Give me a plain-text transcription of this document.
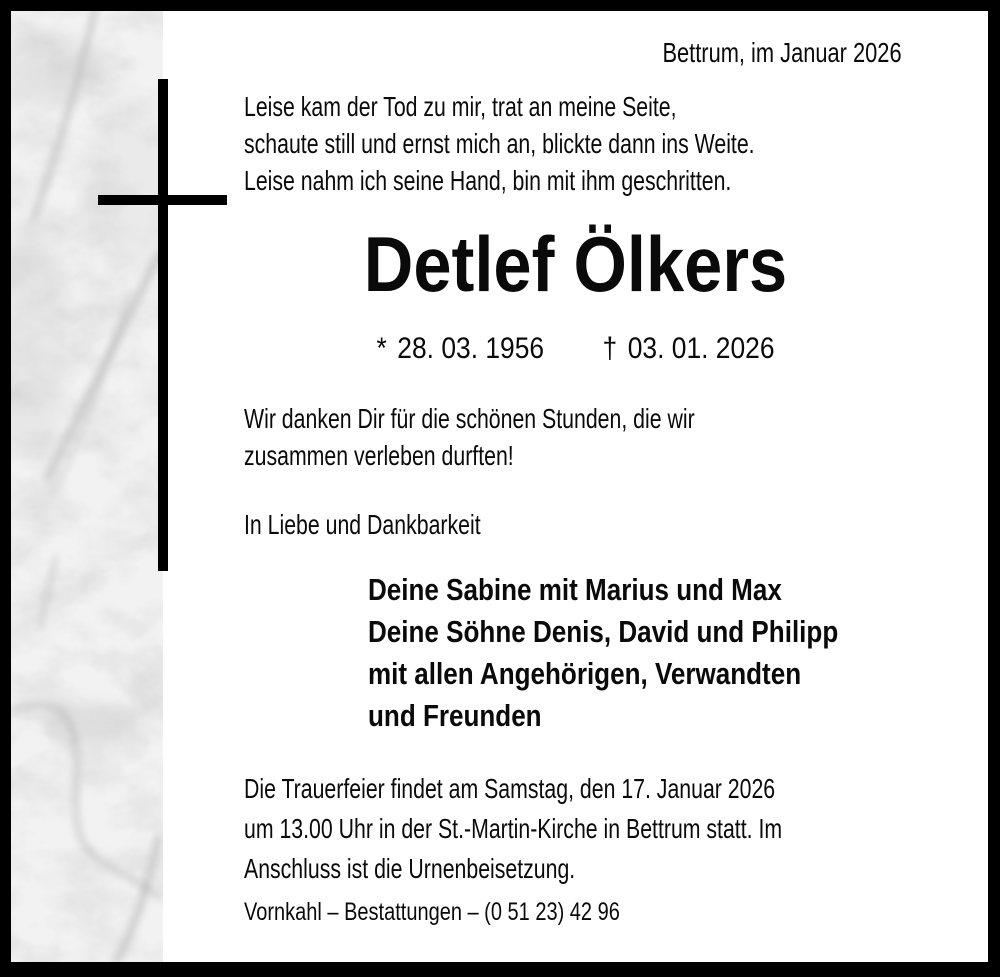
Bettrum, im Januar 2026
Leise kam der Tod zu mir, trat an meine Seite,
schaute still und ernst mich an, blickte dann ins Weite.
Leise nahm ich seine Hand, bin mit ihm geschritten.
Detlef Ölkers
* 28. 03. 1956 † 03. 01. 2026
Wir danken Dir für die schönen Stunden, die wir
zusammen verleben durften!
In Liebe und Dankbarkeit
Deine Sabine mit Marius und Max
Deine Söhne Denis, David und Philipp
mit allen Angehörigen, Verwandten
und Freunden
Die Trauerfeier findet am Samstag, den 17. Januar 2026
um 13.00 Uhr in der St.-Martin-Kirche in Bettrum statt. Im
Anschluss ist die Urnenbeisetzung.
Vornkahl – Bestattungen – (0 51 23) 42 96
